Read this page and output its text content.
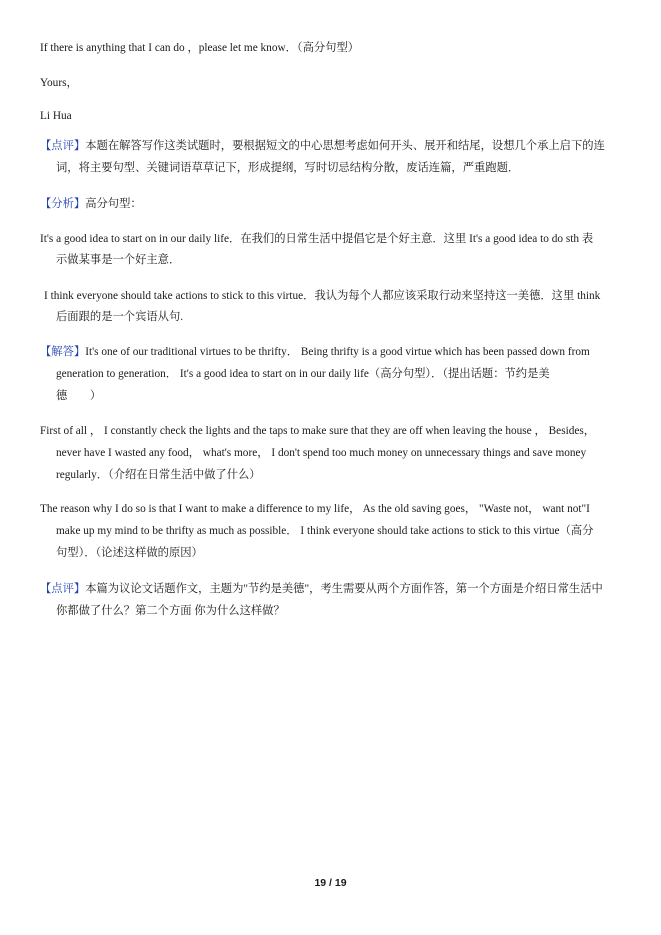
If there is anything that I can do ，please let me know．（高分句型）
Yours，
Li Hua
【点评】本题在解答写作这类试题时，要根据短文的中心思想考虑如何开头、展开和结尾，设想几个承上启下的连
词，将主要句型、关键词语草草记下，形成提纲，写时切忌结构分散，废话连篇，严重跑题．
【分析】高分句型：
It's a good idea to start on in our daily life．在我们的日常生活中提倡它是个好主意．这里 It's a good idea to do sth 表
示做某事是一个好主意．
I think everyone should take actions to stick to this virtue．我认为每个人都应该采取行动来坚持这一美德．这里 think
后面跟的是一个宾语从句.
【解答】It's one of our traditional virtues to be thrifty． Being thrifty is a good virtue which has been passed down from
generation to generation． It's a good idea to start on in our daily life（高分句型）．（提出话题：节约是美
德　　）
First of all ， I constantly check the lights and the taps to make sure that they are off when leaving the house ， Besides，
never have I wasted any food， what's more， I don't spend too much money on unnecessary things and save money
regularly．（介绍在日常生活中做了什么）
The reason why I do so is that I want to make a difference to my life， As the old saving goes， "Waste not， want not"I
make up my mind to be thrifty as much as possible． I think everyone should take actions to stick to this virtue（高分
句型）．（论述这样做的原因）
【点评】本篇为议论文话题作文，主题为"节约是美德"，考生需要从两个方面作答，第一个方面是介绍日常生活中
你都做了什么？第二个方面 你为什么这样做？
19 / 19
